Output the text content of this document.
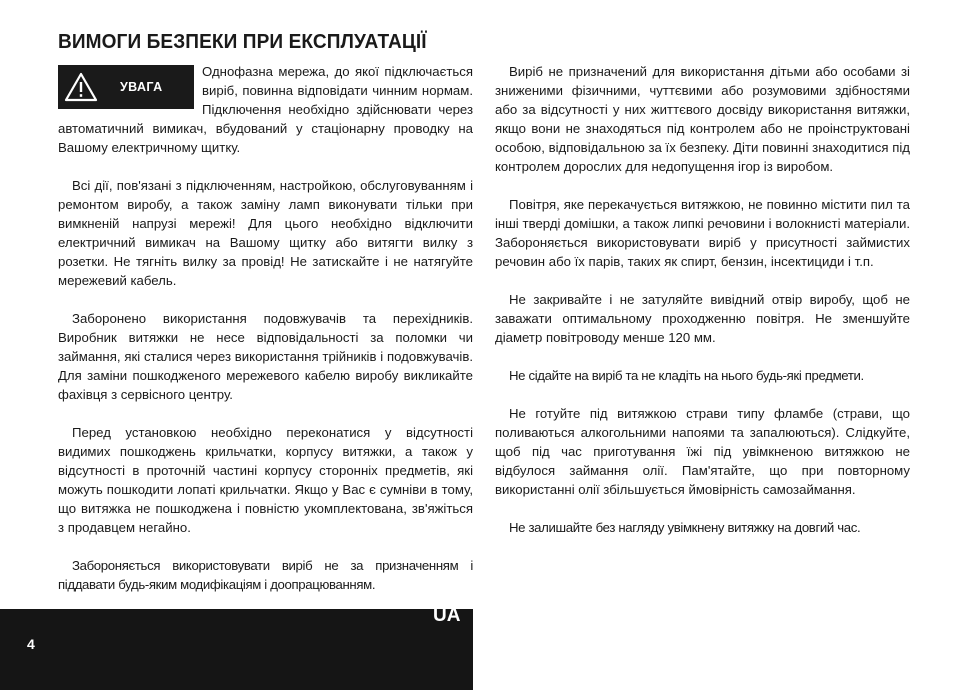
ВИМОГИ БЕЗПЕКИ ПРИ ЕКСПЛУАТАЦІЇ
УВАГА

Однофазна мережа, до якої підключається виріб, повинна відповідати чинним нормам. Підключення необхідно здійснювати через автоматичний вимикач, вбудований у стаціонарну проводку на Вашому електричному щитку.

Всі дії, пов'язані з підключенням, настройкою, обслуговуванням і ремонтом виробу, а також заміну ламп виконувати тільки при вимкненій напрузі мережі! Для цього необхідно відключити електричний вимикач на Вашому щитку або витягти вилку з розетки. Не тягніть вилку за провід! Не затискайте і не натягуйте мережевий кабель.

Заборонено використання подовжувачів та перехідників. Виробник витяжки не несе відповідальності за поломки чи займання, які сталися через використання трійників і подовжувачів. Для заміни пошкодженого мережевого кабелю виробу викликайте фахівця з сервісного центру.

Перед установкою необхідно переконатися у відсутності видимих пошкоджень крильчатки, корпусу витяжки, а також у відсутності в проточній частині корпусу сторонніх предметів, які можуть пошкодити лопаті крильчатки. Якщо у Вас є сумніви в тому, що витяжка не пошкоджена і повністю укомплектована, зв'яжіться з продавцем негайно.

Забороняється використовувати виріб не за призначенням і піддавати будь-яким модифікаціям і доопрацюванням.

Виріб не призначений для використання дітьми або особами зі зниженими фізичними, чуттєвими або розумовими здібностями або за відсутності у них життєвого досвіду використання витяжки, якщо вони не знаходяться під контролем або не проінструктовані особою, відповідальною за їх безпеку. Діти повинні знаходитися під контролем дорослих для недопущення ігор із виробом.

Повітря, яке перекачується витяжкою, не повинно містити пил та інші тверді домішки, а також липкі речовини і волокнисті матеріали. Забороняється використовувати виріб у присутності займистих речовин або їх парів, таких як спирт, бензин, інсектициди і т.п.

Не закривайте і не затуляйте вивідний отвір виробу, щоб не заважати оптимальному проходженню повітря. Не зменшуйте діаметр повітроводу менше 120 мм.

Не сідайте на виріб та не кладіть на нього будь-які предмети.

Не готуйте під витяжкою страви типу фламбе (страви, що поливаються алкогольними напоями та запалюються). Слідкуйте, щоб під час приготування їжі під увімкненою витяжкою не відбулося займання олії. Пам'ятайте, що при повторному використанні олії збільшується ймовірність самозаймання.

Не залишайте без нагляду увімкнену витяжку на довгий час.

UA
4
